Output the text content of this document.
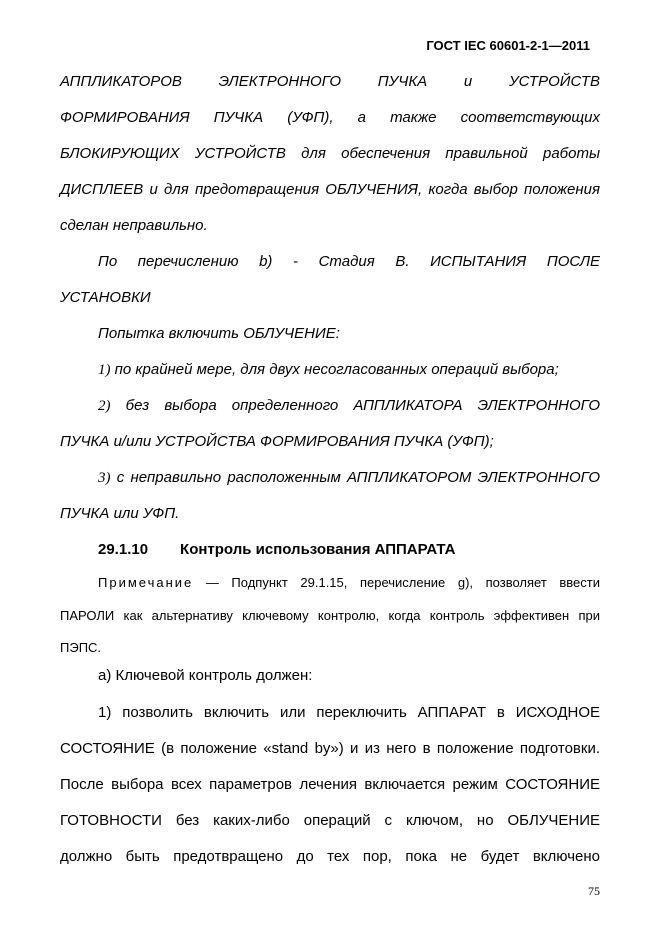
ГОСТ IEC 60601-2-1—2011
АППЛИКАТОРОВ ЭЛЕКТРОННОГО ПУЧКА и УСТРОЙСТВ
ФОРМИРОВАНИЯ ПУЧКА (УФП), а также соответствующих
БЛОКИРУЮЩИХ УСТРОЙСТВ для обеспечения правильной работы
ДИСПЛЕЕВ и для предотвращения ОБЛУЧЕНИЯ, когда выбор положения
сделан неправильно.
По перечислению b) - Стадия В. ИСПЫТАНИЯ ПОСЛЕ
УСТАНОВКИ
Попытка включить ОБЛУЧЕНИЕ:
1) по крайней мере, для двух несогласованных операций выбора;
2) без выбора определенного АППЛИКАТОРА ЭЛЕКТРОННОГО
ПУЧКА и/или УСТРОЙСТВА ФОРМИРОВАНИЯ ПУЧКА (УФП);
3) с неправильно расположенным АППЛИКАТОРОМ ЭЛЕКТРОННОГО
ПУЧКА или УФП.
29.1.10 Контроль использования АППАРАТА
Примечание — Подпункт 29.1.15, перечисление g), позволяет ввести
ПАРОЛИ как альтернативу ключевому контролю, когда контроль эффективен при
ПЭПС.
а) Ключевой контроль должен:
1) позволить включить или переключить АППАРАТ в ИСХОДНОЕ
СОСТОЯНИЕ (в положение «stand by») и из него в положение подготовки.
После выбора всех параметров лечения включается режим СОСТОЯНИЕ
ГОТОВНОСТИ без каких-либо операций с ключом, но ОБЛУЧЕНИЕ
должно быть предотвращено до тех пор, пока не будет включено
75
